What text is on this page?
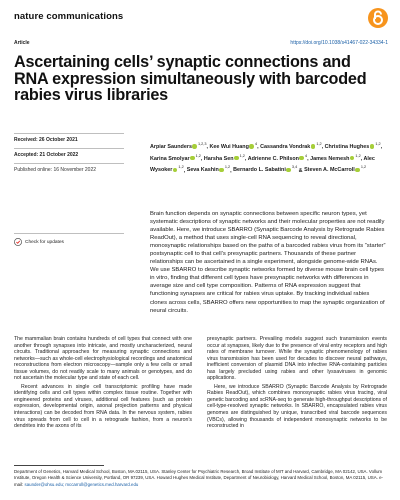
nature communications
Article	https://doi.org/10.1038/s41467-022-34334-1
Ascertaining cells’ synaptic connections and RNA expression simultaneously with barcoded rabies virus libraries
Received: 26 October 2021
Accepted: 21 October 2022
Published online: 16 November 2022
Check for updates
Arpiar Saunders $^{1,2,3}$, Kee Wui Huang $^4$, Cassandra Vondrak $^{1,2}$, Christina Hughes $^{1,2}$, Karina Smolyar $^{1,2}$, Harsha Sen $^{1,2}$, Adrienne C. Philson $^4$, James Nemesh $^{1,2}$, Alec Wysoker $^{1,2}$, Seva Kashin $^{1,2}$, Bernardo L. Sabatini $^{3,4}$ & Steven A. McCarroll $^{1,2}$
Brain function depends on synaptic connections between specific neuron types, yet systematic descriptions of synaptic networks and their molecular properties are not readily available. Here, we introduce SBARRO (Synaptic Barcode Analysis by Retrograde Rabies ReadOut), a method that uses single-cell RNA sequencing to reveal directional, monosynaptic relationships based on the paths of a barcoded rabies virus from its “starter” postsynaptic cell to that cell’s presynaptic partners. Thousands of these partner relationships can be ascertained in a single experiment, alongside genome-wide RNAs. We use SBARRO to describe synaptic networks formed by diverse mouse brain cell types in vitro, finding that different cell types have presynaptic networks with differences in average size and cell type composition. Patterns of RNA expression suggest that functioning synapses are critical for rabies virus uptake. By tracking individual rabies clones across cells, SBARRO offers new opportunities to map the synaptic organization of neural circuits.

The mammalian brain contains hundreds of cell types that connect with one another through synapses into intricate, and mostly uncharacterized, neural circuits. Traditional approaches for measuring synaptic connections and networks—such as whole-cell electrophysiological recordings and anatomical reconstructions from electron microscopy—sample only a few cells or small tissue volumes, do not readily scale to many animals or genotypes, and do not ascertain the molecular type and state of each cell.

Recent advances in single cell transcriptomic profiling have made identifying cells and cell types within complex tissue routine. Together with engineered proteins and viruses, additional cell features (such as protein expression, developmental origin, axonal projection patterns and physical interactions) can be decoded from RNA data. In the nervous system, rabies virus spreads from cell to cell in a retrograde fashion, from a neuron’s dendrites into the axons of its

presynaptic partners. Prevailing models suggest such transmission events occur at synapses, likely due to the presence of viral entry receptors and high rates of membrane turnover. While the synaptic phenomenology of rabies virus transmission has been used for decades to discover neural pathways, inefficient conversion of plasmid DNA into infective RNA-containing particles has largely precluded using rabies and other lyssaviruses in genomic applications.

Here, we introduce SBARRO (Synaptic Barcode Analysis by Retrograde Rabies ReadOut), which combines monosynaptic rabies virus tracing, viral genetic barcoding and scRNA-seq to generate high-throughput descriptions of cell-type-resolved synaptic networks. In SBARRO, encapsulated rabies virus genomes are distinguished by unique, transcribed viral barcode sequences (VBCs), allowing thousands of independent monosynaptic networks to be reconstructed in

Department of Genetics, Harvard Medical School, Boston, MA 02115, USA. Stanley Center for Psychiatric Research, Broad Institute of MIT and Harvard, Cambridge, MA 02142, USA. Vollum Institute, Oregon Health & Science University, Portland, OR 97239, USA. Howard Hughes Medical Institute, Department of Neurobiology, Harvard Medical School, Boston, MA 02115, USA. e-mail: saunder@ohsu.edu; mccarroll@genetics.med.harvard.edu
